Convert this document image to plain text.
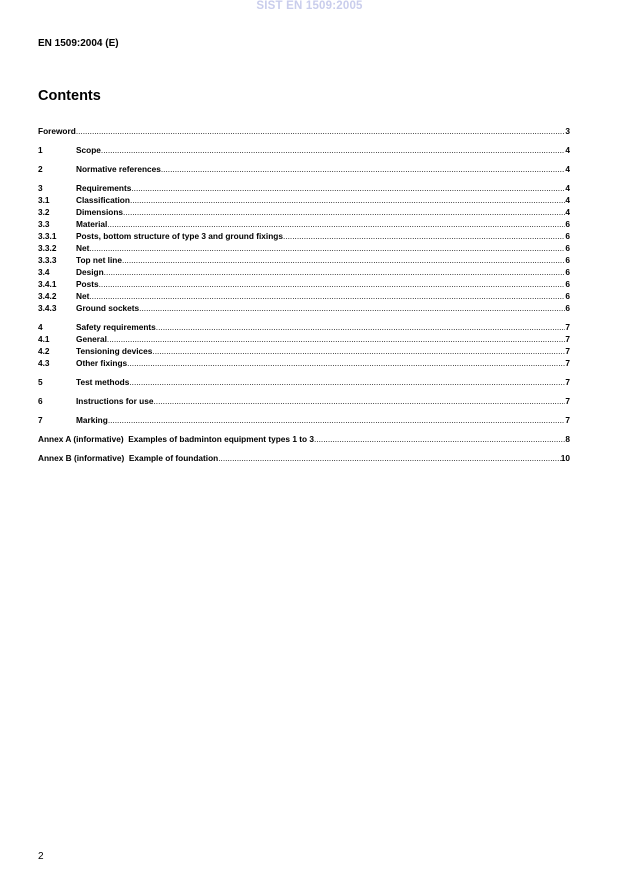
SIST EN 1509:2005
EN 1509:2004 (E)
Contents
Foreword .....	3
1	Scope .....	4
2	Normative references .....	4
3	Requirements .....	4
3.1	Classification .....	4
3.2	Dimensions .....	4
3.3	Material .....	6
3.3.1	Posts, bottom structure of type 3 and ground fixings .....	6
3.3.2	Net .....	6
3.3.3	Top net line .....	6
3.4	Design .....	6
3.4.1	Posts .....	6
3.4.2	Net .....	6
3.4.3	Ground sockets .....	6
4	Safety requirements .....	7
4.1	General .....	7
4.2	Tensioning devices .....	7
4.3	Other fixings .....	7
5	Test methods .....	7
6	Instructions for use .....	7
7	Marking .....	7
Annex A (informative)  Examples of badminton equipment types 1 to 3 .....	8
Annex B (informative)  Example of foundation .....	10
2
